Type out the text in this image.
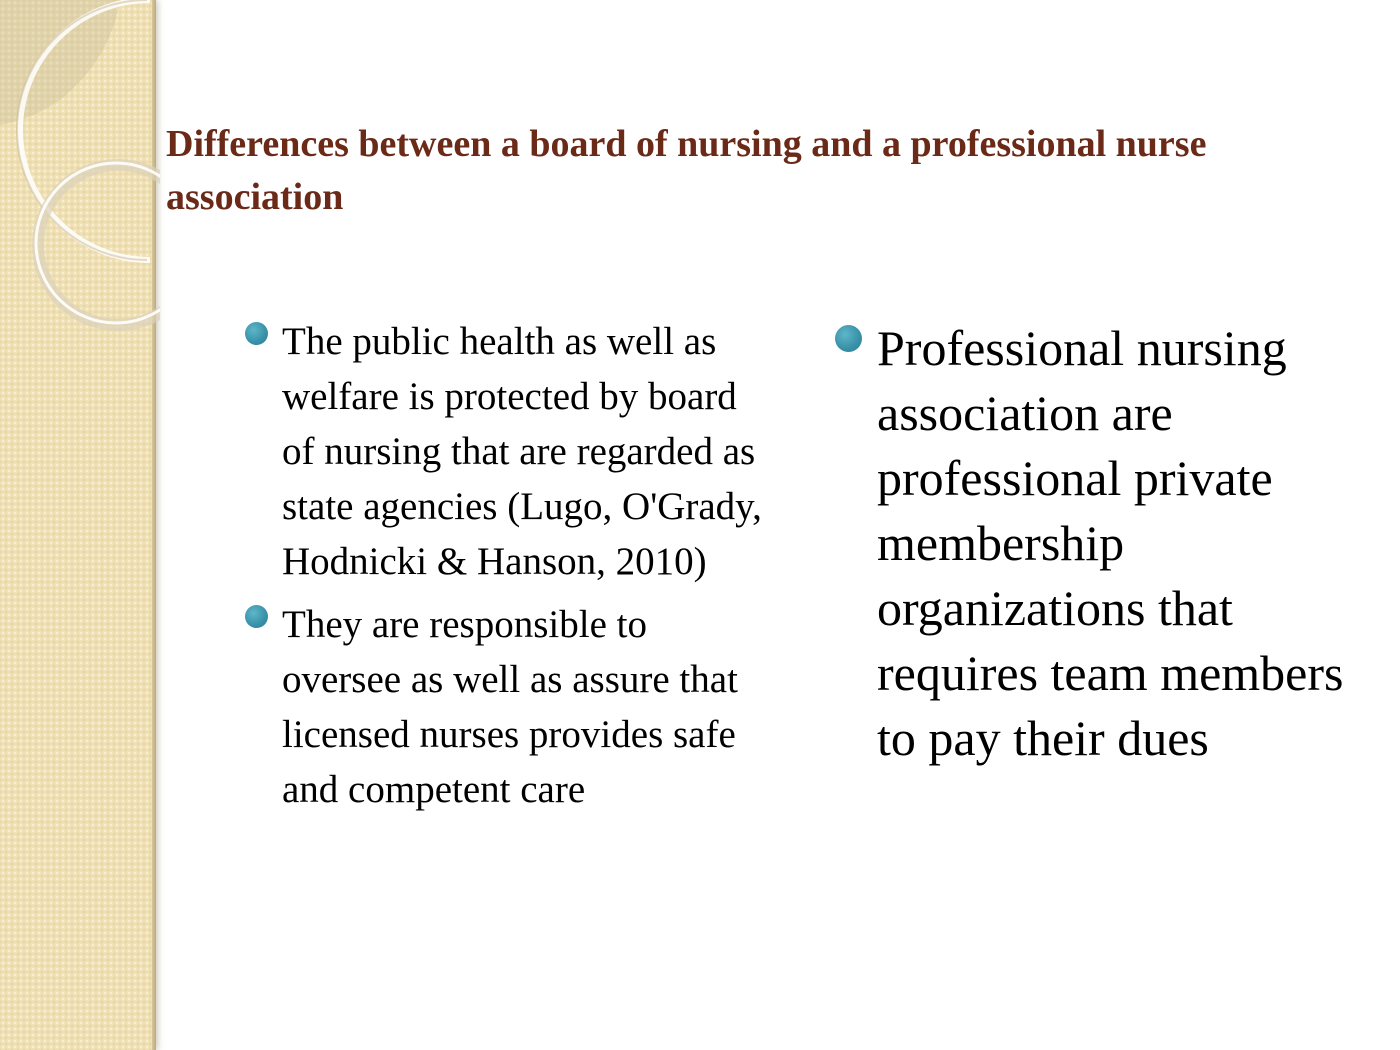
Differences between a board of nursing and a professional nurse association
The public health as well as welfare is protected by board of nursing that are regarded as state agencies (Lugo, O'Grady, Hodnicki & Hanson, 2010)
They are responsible to oversee as well as assure that licensed nurses provides safe and competent care
Professional nursing association are professional private membership organizations that requires team members to pay their dues
